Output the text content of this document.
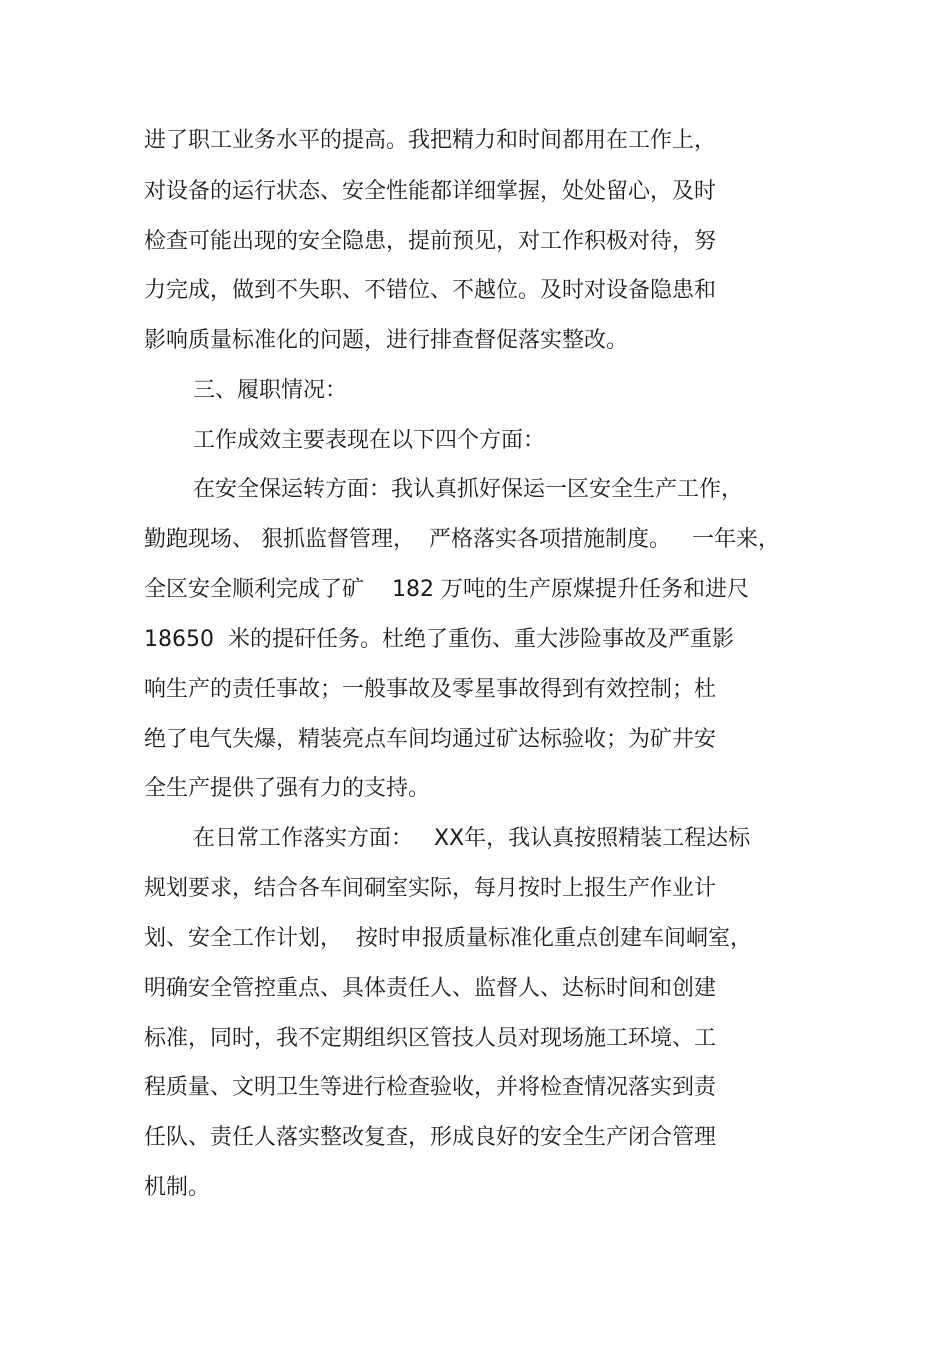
进了职工业务水平的提高。我把精力和时间都用在工作上，

对设备的运行状态、安全性能都详细掌握，处处留心，及时

检查可能出现的安全隐患，提前预见，对工作积极对待，努

力完成，做到不失职、不错位、不越位。及时对设备隐患和

影响质量标准化的问题，进行排查督促落实整改。

三、履职情况：

工作成效主要表现在以下四个方面：

在安全保运转方面：我认真抓好保运一区安全生产工作，

勤跑现场、 狠抓监督管理，  严格落实各项措施制度。   一年来，

全区安全顺利完成了矿    182 万吨的生产原煤提升任务和进尺

18650  米的提矸任务。杜绝了重伤、重大涉险事故及严重影

响生产的责任事故；一般事故及零星事故得到有效控制；杜

绝了电气失爆，精装亮点车间均通过矿达标验收；为矿井安

全生产提供了强有力的支持。

在日常工作落实方面：   XX年，我认真按照精装工程达标

规划要求，结合各车间硐室实际，每月按时上报生产作业计

划、安全工作计划，  按时申报质量标准化重点创建车间峒室，

明确安全管控重点、具体责任人、监督人、达标时间和创建

标准，同时，我不定期组织区管技人员对现场施工环境、工

程质量、文明卫生等进行检查验收，并将检查情况落实到责

任队、责任人落实整改复查，形成良好的安全生产闭合管理

机制。
